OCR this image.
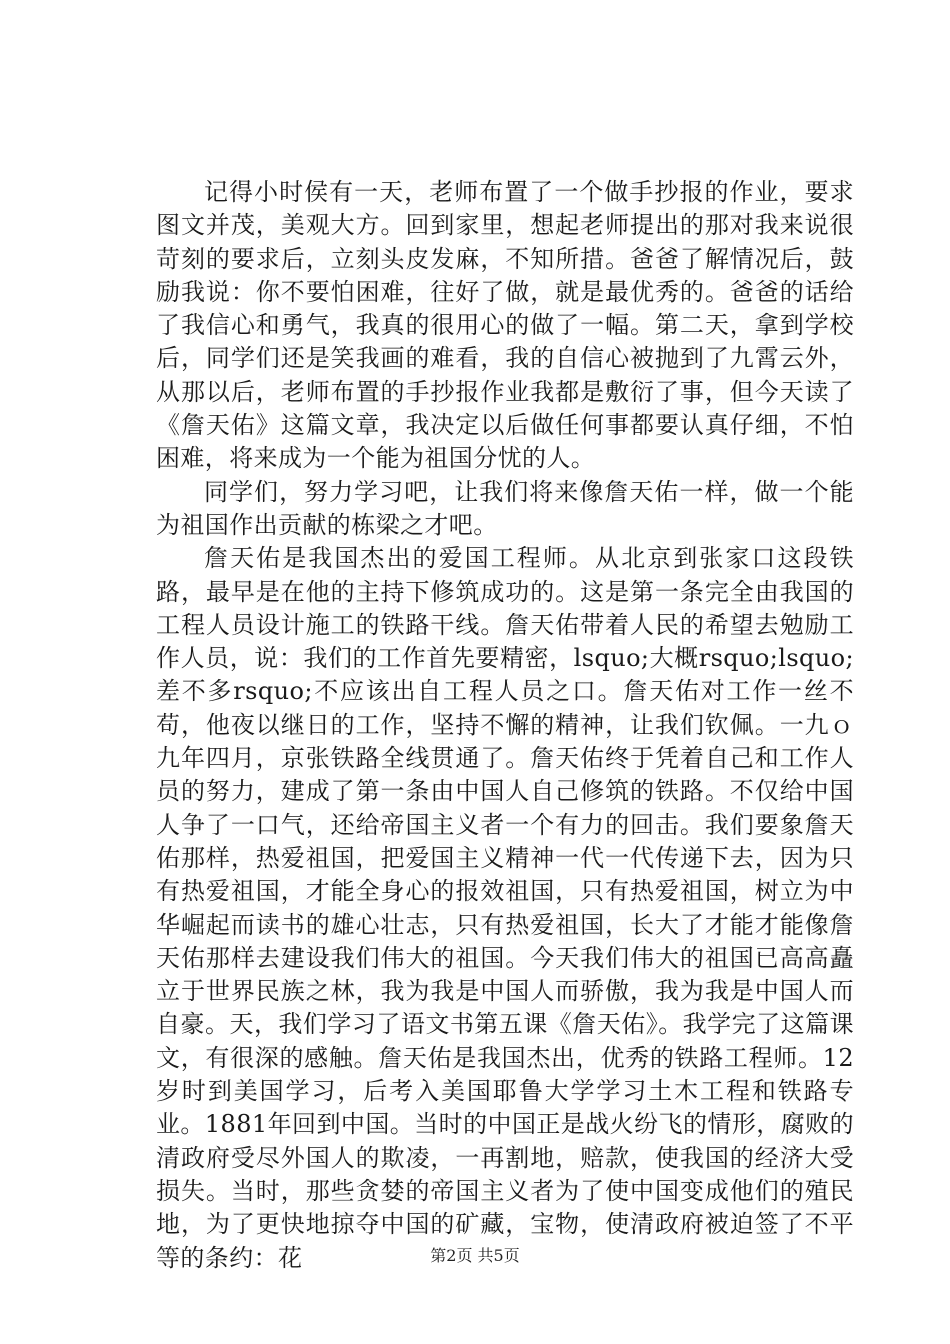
记得小时侯有一天，老师布置了一个做手抄报的作业，要求图文并茂，美观大方。回到家里，想起老师提出的那对我来说很苛刻的要求后，立刻头皮发麻，不知所措。爸爸了解情况后，鼓励我说：你不要怕困难，往好了做，就是最优秀的。爸爸的话给了我信心和勇气，我真的很用心的做了一幅。第二天，拿到学校后，同学们还是笑我画的难看，我的自信心被抛到了九霄云外，从那以后，老师布置的手抄报作业我都是敷衍了事，但今天读了《詹天佑》这篇文章，我决定以后做任何事都要认真仔细，不怕困难，将来成为一个能为祖国分忧的人。

同学们，努力学习吧，让我们将来像詹天佑一样，做一个能为祖国作出贡献的栋梁之才吧。

詹天佑是我国杰出的爱国工程师。从北京到张家口这段铁路，最早是在他的主持下修筑成功的。这是第一条完全由我国的工程人员设计施工的铁路干线。詹天佑带着人民的希望去勉励工作人员，说：我们的工作首先要精密，lsquo;大概rsquo;lsquo;差不多rsquo;不应该出自工程人员之口。詹天佑对工作一丝不苟，他夜以继日的工作，坚持不懈的精神，让我们钦佩。一九ｏ九年四月，京张铁路全线贯通了。詹天佑终于凭着自己和工作人员的努力，建成了第一条由中国人自己修筑的铁路。不仅给中国人争了一口气，还给帝国主义者一个有力的回击。我们要象詹天佑那样，热爱祖国，把爱国主义精神一代一代传递下去，因为只有热爱祖国，才能全身心的报效祖国，只有热爱祖国，树立为中华崛起而读书的雄心壮志，只有热爱祖国，长大了才能才能像詹天佑那样去建设我们伟大的祖国。今天我们伟大的祖国已高高矗立于世界民族之林，我为我是中国人而骄傲，我为我是中国人而自豪。天，我们学习了语文书第五课《詹天佑》。我学完了这篇课文，有很深的感触。詹天佑是我国杰出，优秀的铁路工程师。12岁时到美国学习，后考入美国耶鲁大学学习土木工程和铁路专业。1881年回到中国。当时的中国正是战火纷飞的情形，腐败的清政府受尽外国人的欺凌，一再割地，赔款，使我国的经济大受损失。当时，那些贪婪的帝国主义者为了使中国变成他们的殖民地，为了更快地掠夺中国的矿藏，宝物，使清政府被迫签了不平等的条约：花	第2页 共5页
